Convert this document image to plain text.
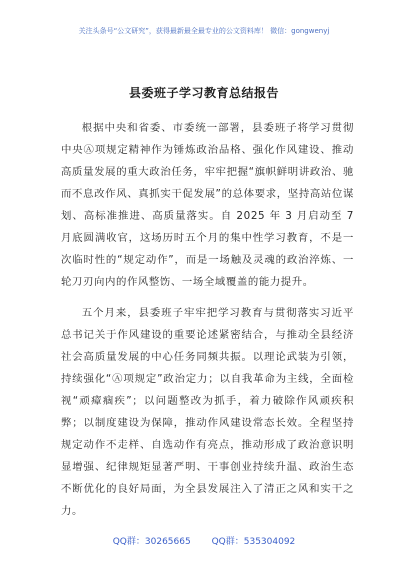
关注头条号“公文研究”，获得最新最全最专业的公文资料库！ 微信：gongwenyj
县委班子学习教育总结报告

根据中央和省委、市委统一部署，县委班子将学习贯彻中央Ⓐ项规定精神作为锤炼政治品格、强化作风建设、推动高质量发展的重大政治任务，牢牢把握“旗帜鲜明讲政治、驰而不息改作风、真抓实干促发展”的总体要求，坚持高站位谋划、高标准推进、高质量落实。自 2025 年 3 月启动至 7 月底圆满收官，这场历时五个月的集中性学习教育，不是一次临时性的“规定动作”，而是一场触及灵魂的政治淬炼、一轮刀刃向内的作风整饬、一场全域覆盖的能力提升。

五个月来，县委班子牢牢把学习教育与贯彻落实习近平总书记关于作风建设的重要论述紧密结合，与推动全县经济社会高质量发展的中心任务同频共振。以理论武装为引领，持续强化“Ⓐ项规定”政治定力；以自我革命为主线，全面检视“顽瘴痼疾”；以问题整改为抓手，着力破除作风顽疾积弊；以制度建设为保障，推动作风建设常态长效。全程坚持规定动作不走样、自选动作有亮点，推动形成了政治意识明显增强、纪律规矩显著严明、干事创业持续升温、政治生态不断优化的良好局面，为全县发展注入了清正之风和实干之力。

QQ群：30265665 QQ群：535304092
